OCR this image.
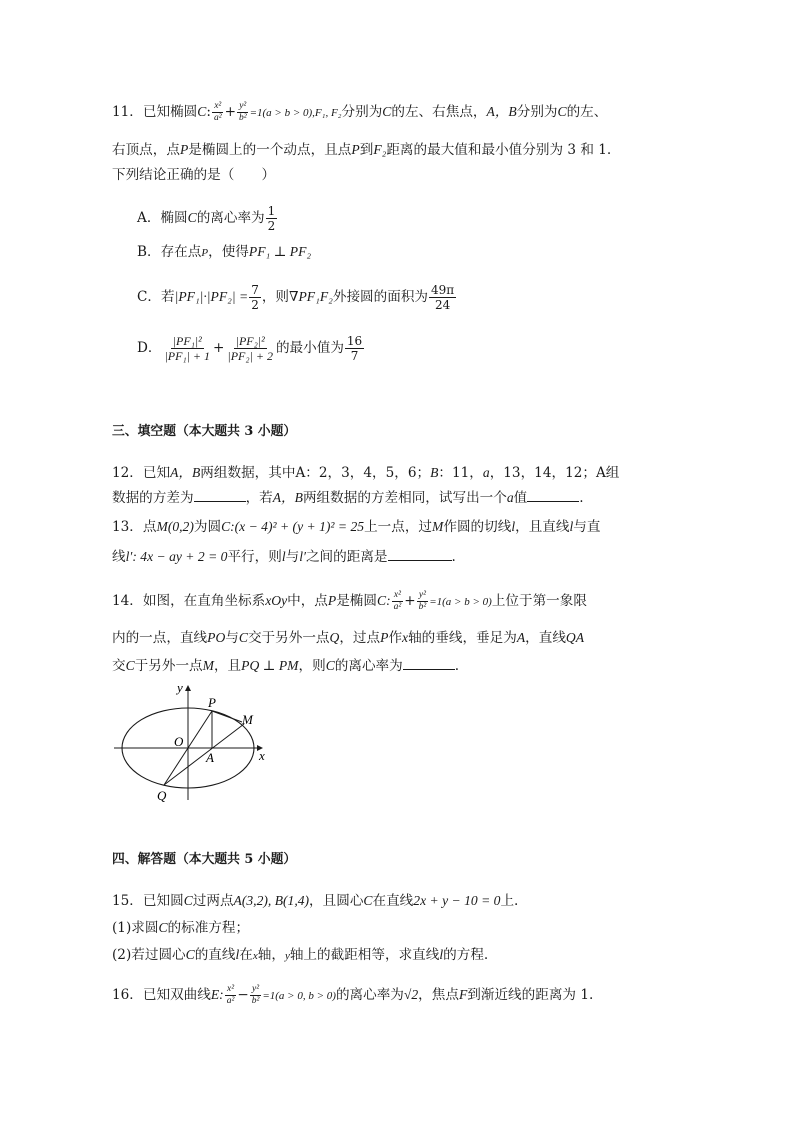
11．已知椭圆C: $\frac{\text{x²}}{\text{a²}} + \frac{\text{y²}}{\text{b²}} =1(a > b > 0),F_1$, F₂分别为C的左、右焦点，A，B分别为C的左、
右顶点，点P是椭圆上的一个动点，且点P到F₂距离的最大值和最小值分别为 3 和 1.
下列结论正确的是（　　）
A．椭圆C的离心率为 $\frac{1}{2}$
B．存在点P，使得PF₁ ⊥ PF₂
C．若$|PF_1|\cdot|PF_2| = \frac{7}{2}$ ，则∇PF₁F₂外接圆的面积为 $\frac{49\pi}{24}$
D． $\frac{\text{|PF₁|²}}{\text{|PF₁| + 1}} + \frac{\text{|PF₂|²}}{\text{|PF₂| + 2}}$ 的最小值为 $\frac{16}{7}$
三、填空题（本大题共 3 小题）
12．已知A，B两组数据，其中A：2，3，4，5，6；B：11，a，13，14，12；A组
数据的方差为	，若A，B两组数据的方差相同，试写出一个a值	.
13．点M(0,2)为圆C:(x − 4)² + (y + 1)² = 25上一点，过M作圆的切线l，且直线l与直
线l′: 4x − ay + 2 = 0平行，则l与l′之间的距离是	.
14．如图，在直角坐标系xOy中，点P是椭圆C: $\frac{\text{x²}}{\text{a²}} + \frac{\text{y²}}{\text{b²}} =1(a > b > 0)$上位于第一象限
内的一点，直线PO与C交于另外一点Q，过点P作x轴的垂线，垂足为A，直线QA
交C于另外一点M，且PQ ⊥ PM，则C的离心率为	.
y
x
O
P
M
A
Q
四、解答题（本大题共 5 小题）
15．已知圆C过两点A(3,2), B(1,4)，且圆心C在直线2x + y − 10 = 0上.
(1)求圆C的标准方程；
(2)若过圆心C的直线l在x轴，y轴上的截距相等，求直线l的方程.
16．已知双曲线E: $\frac{\text{x²}}{\text{a²}} - \frac{\text{y²}}{\text{b²}} =1(a > 0$, b > 0)的离心率为√2，焦点F到渐近线的距离为 1.
